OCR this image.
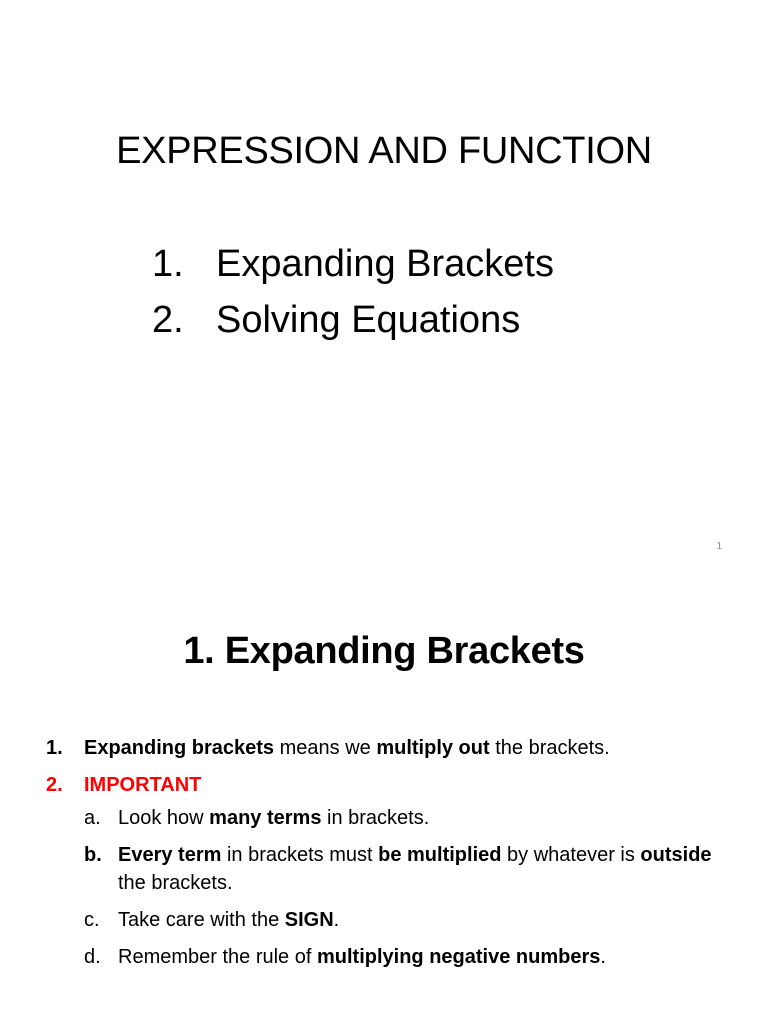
EXPRESSION AND FUNCTION
1. Expanding Brackets
2. Solving Equations
1
1. Expanding Brackets
1.	Expanding brackets means we multiply out the brackets.
2.	IMPORTANT
a. Look how many terms in brackets.
b. Every term in brackets must be multiplied by whatever is outside the brackets.
c. Take care with the SIGN.
d. Remember the rule of multiplying negative numbers.
